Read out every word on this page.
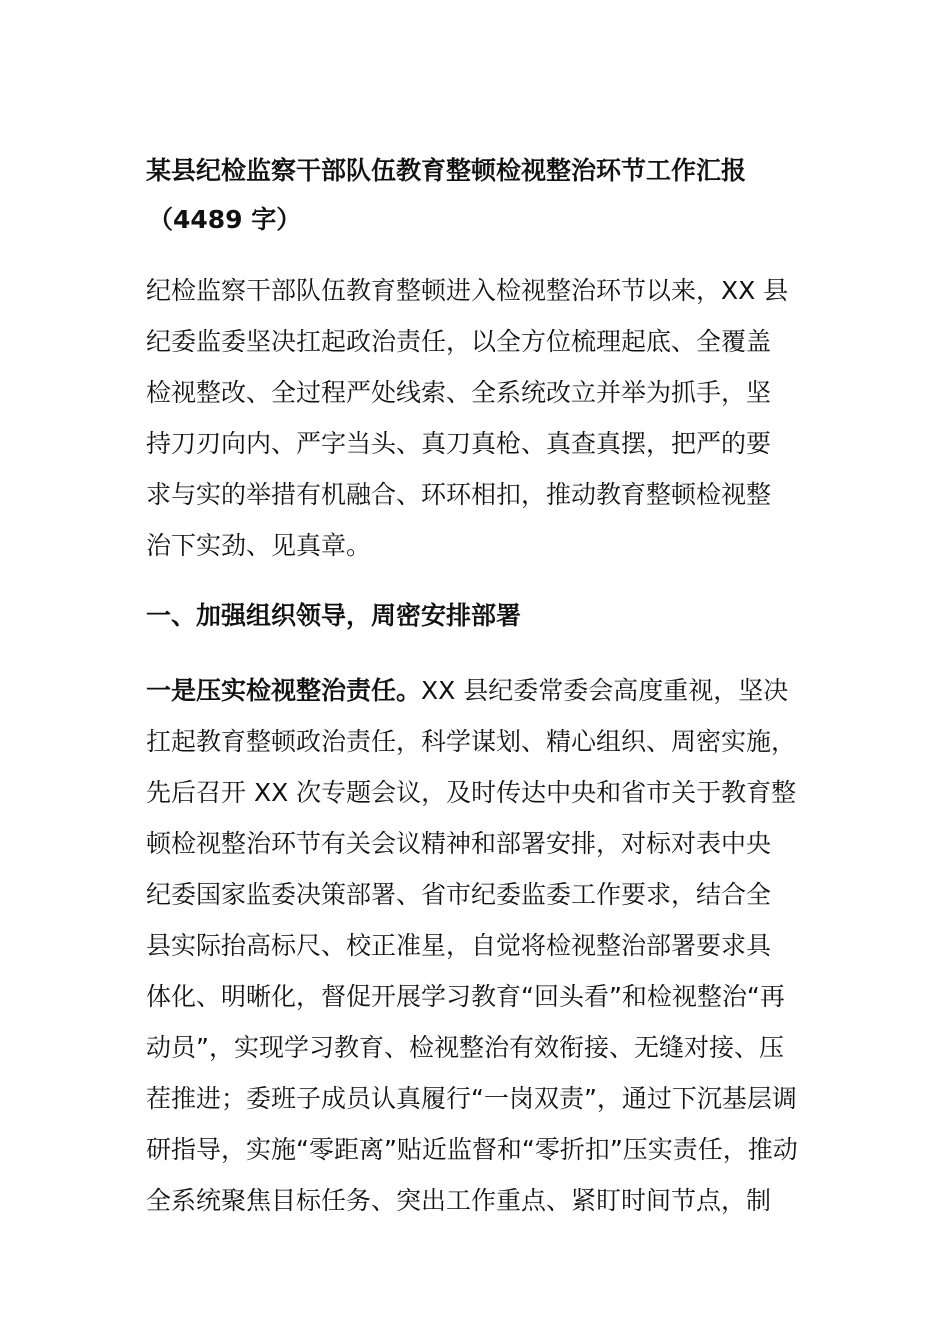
某县纪检监察干部队伍教育整顿检视整治环节工作汇报
（4489 字）

纪检监察干部队伍教育整顿进入检视整治环节以来，XX 县
纪委监委坚决扛起政治责任，以全方位梳理起底、全覆盖
检视整改、全过程严处线索、全系统改立并举为抓手，坚
持刀刃向内、严字当头、真刀真枪、真查真摆，把严的要
求与实的举措有机融合、环环相扣，推动教育整顿检视整
治下实劲、见真章。

一、加强组织领导，周密安排部署

一是压实检视整治责任。XX 县纪委常委会高度重视，坚决
扛起教育整顿政治责任，科学谋划、精心组织、周密实施，
先后召开 XX 次专题会议，及时传达中央和省市关于教育整
顿检视整治环节有关会议精神和部署安排，对标对表中央
纪委国家监委决策部署、省市纪委监委工作要求，结合全
县实际抬高标尺、校正准星，自觉将检视整治部署要求具
体化、明晰化，督促开展学习教育“回头看”和检视整治“再
动员”，实现学习教育、检视整治有效衔接、无缝对接、压
茬推进；委班子成员认真履行“一岗双责”，通过下沉基层调
研指导，实施“零距离”贴近监督和“零折扣”压实责任，推动
全系统聚焦目标任务、突出工作重点、紧盯时间节点，制
